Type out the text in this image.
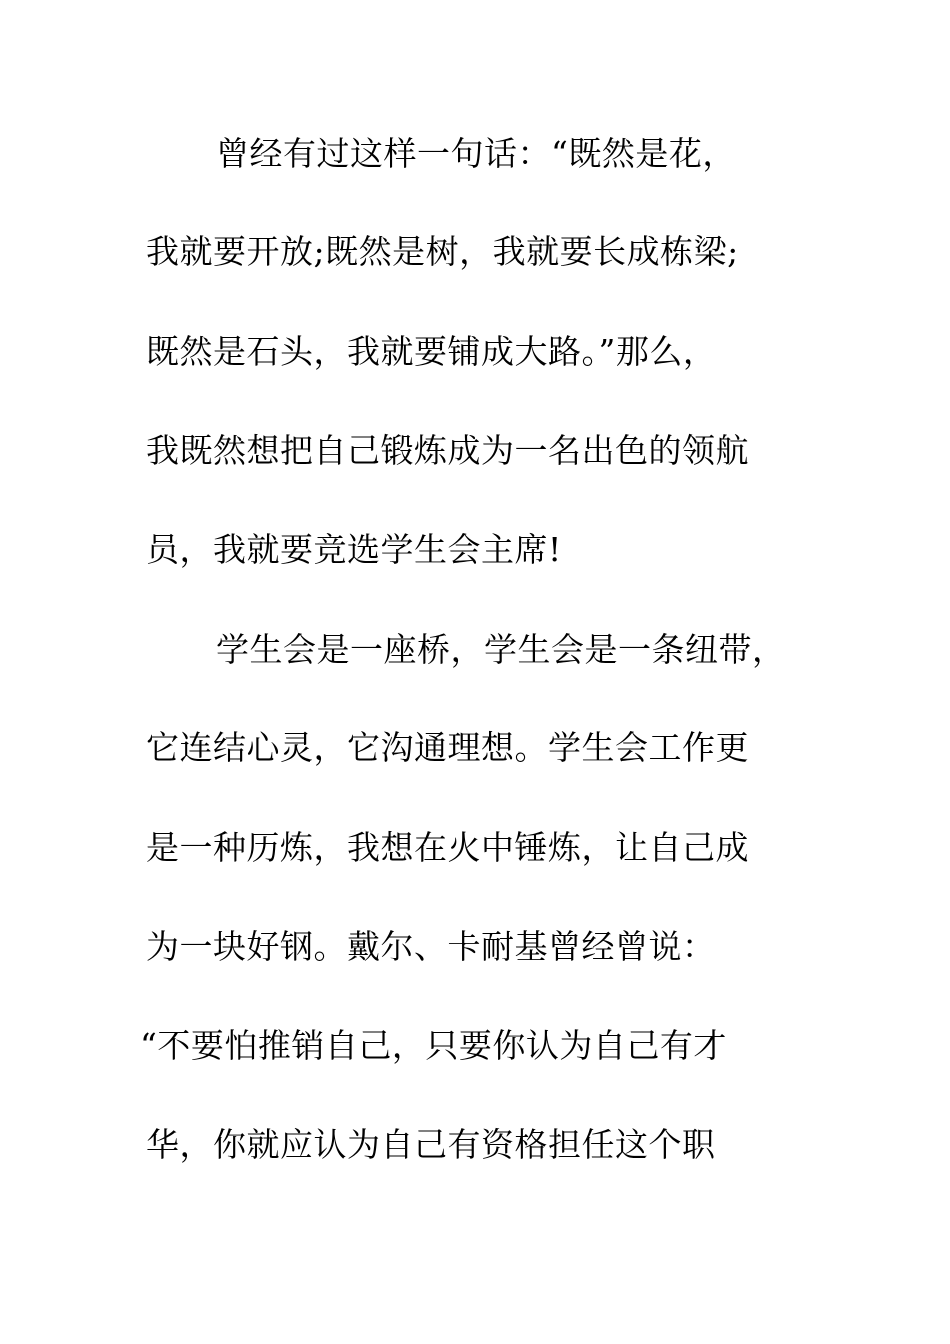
曾经有过这样一句话：“既然是花，
我就要开放;既然是树，我就要长成栋梁;
既然是石头，我就要铺成大路。”那么，
我既然想把自己锻炼成为一名出色的领航
员，我就要竞选学生会主席!
学生会是一座桥，学生会是一条纽带，
它连结心灵，它沟通理想。学生会工作更
是一种历炼，我想在火中锤炼，让自己成
为一块好钢。戴尔、卡耐基曾经曾说：
“不要怕推销自己，只要你认为自己有才
华，你就应认为自己有资格担任这个职
